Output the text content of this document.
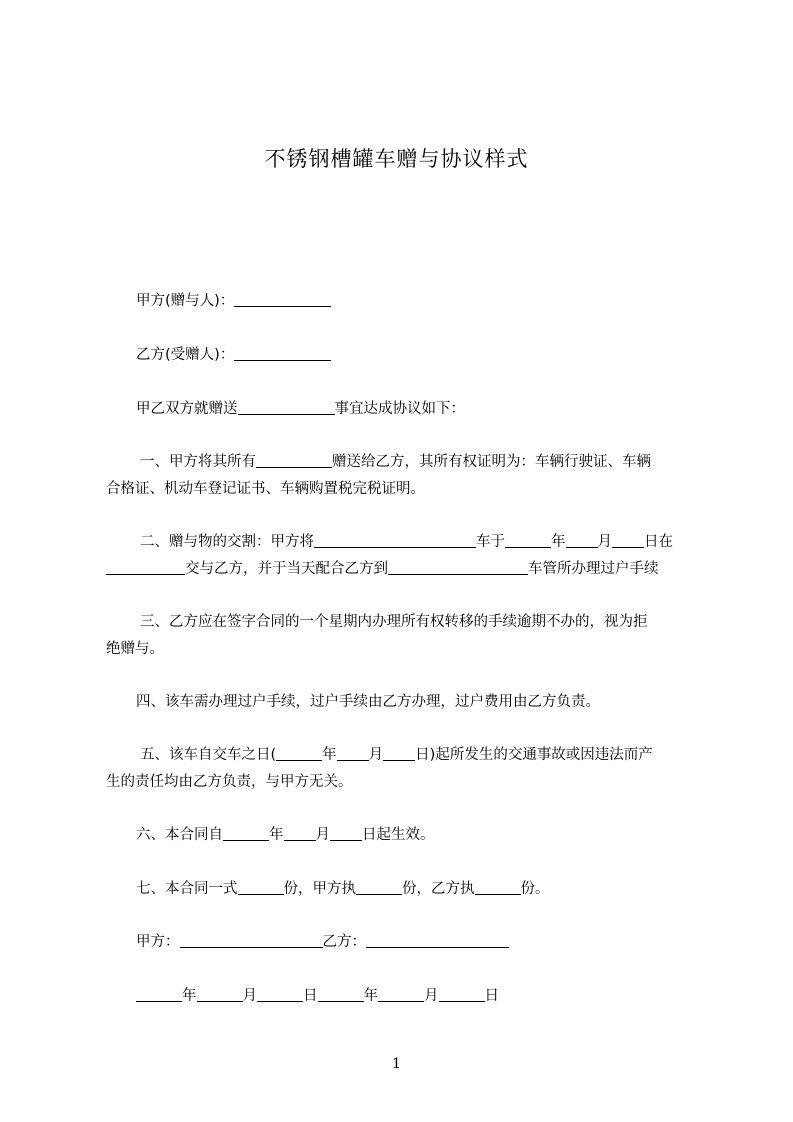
不锈钢槽罐车赠与协议样式
甲方(赠与人)：
乙方(受赠人)：
甲乙双方就赠送	事宜达成协议如下：
一、甲方将其所有	赠送给乙方，其所有权证明为：车辆行驶证、车辆
合格证、机动车登记证书、车辆购置税完税证明。
二、赠与物的交割：甲方将	车于	年 月 日在
交与乙方，并于当天配合乙方到	车管所办理过户手续
三、乙方应在签字合同的一个星期内办理所有权转移的手续逾期不办的，视为拒
绝赠与。
四、该车需办理过户手续，过户手续由乙方办理，过户费用由乙方负责。
五、该车自交车之日(	年 月 日)起所发生的交通事故或因违法而产
生的责任均由乙方负责，与甲方无关。
六、本合同自	年 月 日起生效。
七、本合同一式	份，甲方执	份，乙方执	份。
甲方：	乙方：
年	月	日	年	月	日
1
